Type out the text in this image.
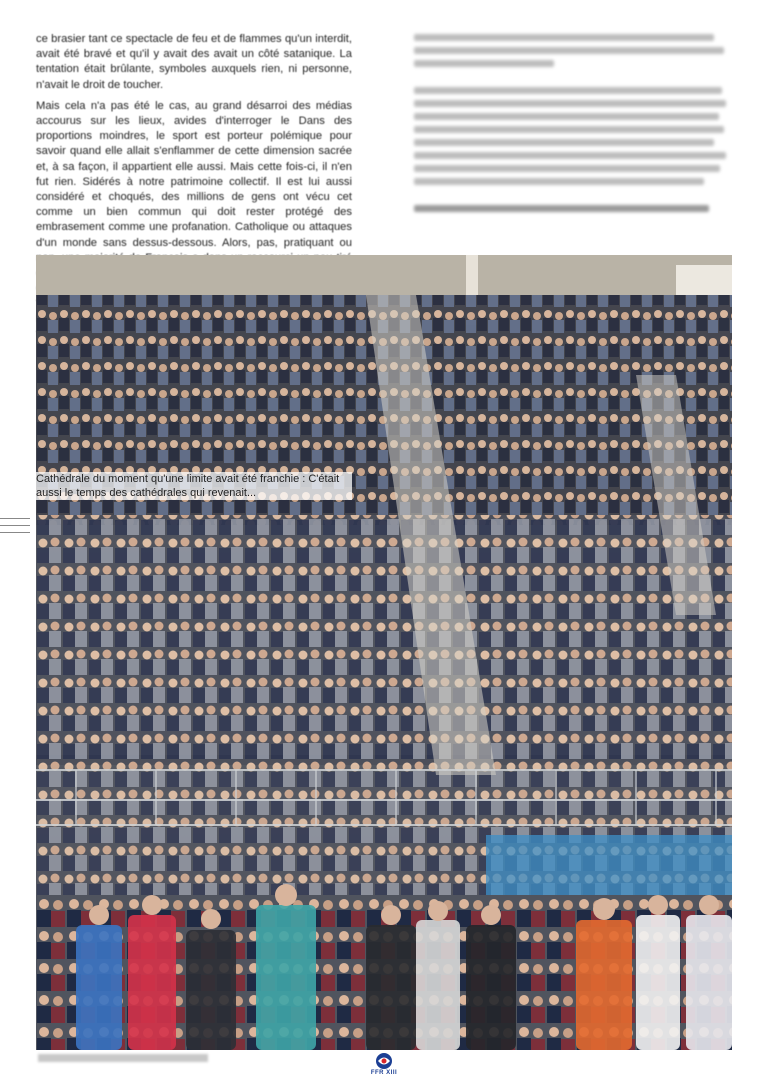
ce brasier tant ce spectacle de feu et de flammes qu'un interdit, avait été bravé et qu'il y avait des avait un côté satanique. La tentation était brûlante, symboles auxquels rien, ni personne, n'avait le droit de toucher.

Mais cela n'a pas été le cas, au grand désarroi des médias accourus sur les lieux, avides d'interroger le Dans des proportions moindres, le sport est porteur polémique pour savoir quand elle allait s'enflammer de cette dimension sacrée et, à sa façon, il appartient elle aussi. Mais cette fois-ci, il n'en fut rien. Sidérés à notre patrimoine collectif. Il est lui aussi considéré et choqués, des millions de gens ont vécu cet comme un bien commun qui doit rester protégé des embrasement comme une profanation. Catholique ou attaques d'un monde sans dessus-dessous. Alors, pas, pratiquant ou

Cathédrale du moment qu'une limite avait été franchie : C'était aussi le temps des cathédrales qui revenait...
FFR XIII
